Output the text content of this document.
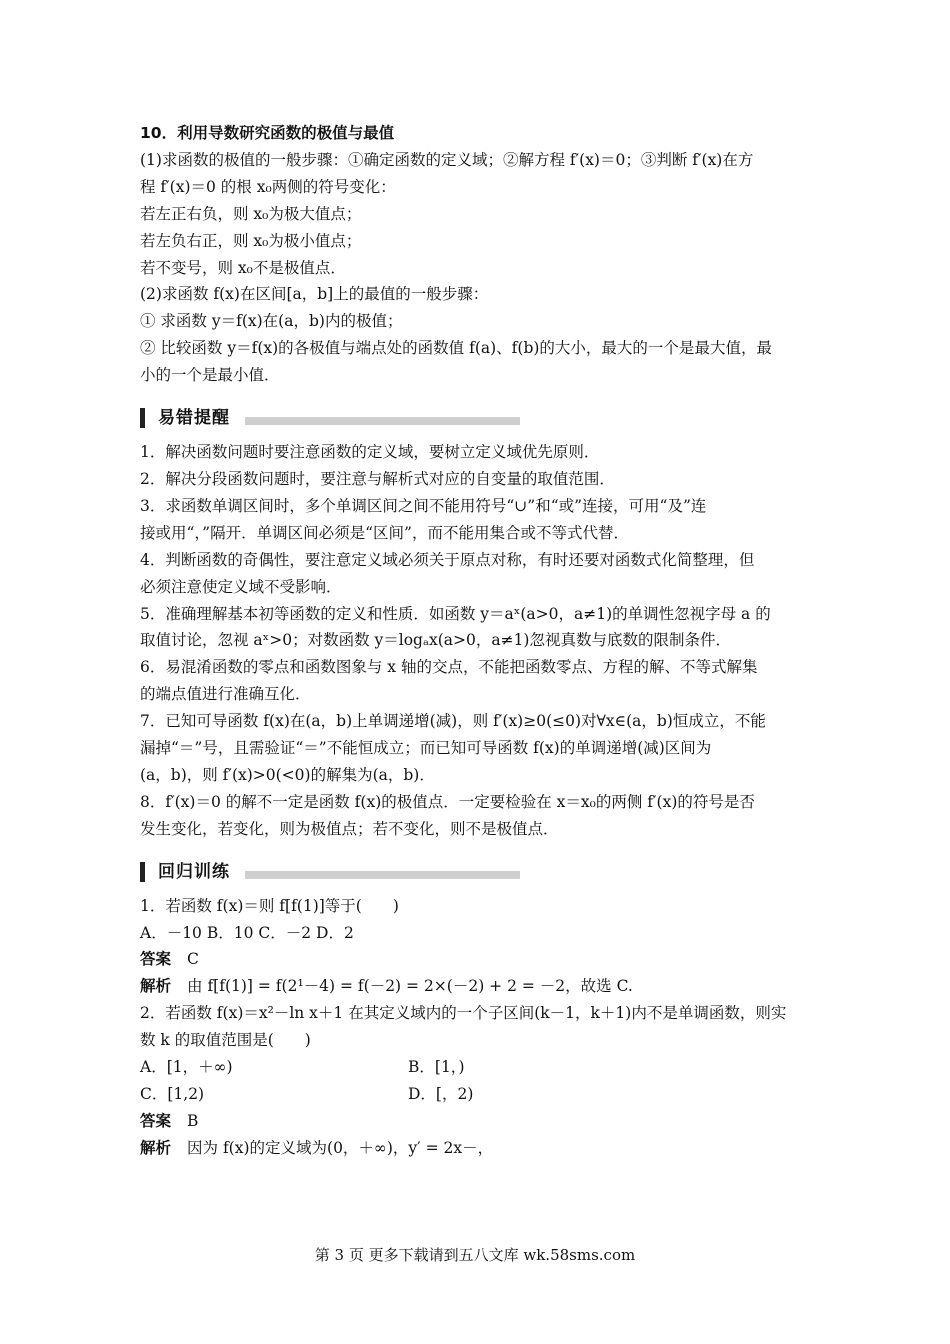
10．利用导数研究函数的极值与最值

(1)求函数的极值的一般步骤：①确定函数的定义域；②解方程 f′(x)＝0；③判断 f′(x)在方

程 f′(x)＝0 的根 x₀两侧的符号变化：

若左正右负，则 x₀为极大值点；

若左负右正，则 x₀为极小值点；

若不变号，则 x₀不是极值点．

(2)求函数 f(x)在区间[a，b]上的最值的一般步骤：

① 求函数 y＝f(x)在(a，b)内的极值；

② 比较函数 y＝f(x)的各极值与端点处的函数值 f(a)、f(b)的大小，最大的一个是最大值，最

小的一个是最小值．

易错提醒

1．解决函数问题时要注意函数的定义域，要树立定义域优先原则．

2．解决分段函数问题时，要注意与解析式对应的自变量的取值范围．

3．求函数单调区间时，多个单调区间之间不能用符号“∪”和“或”连接，可用“及”连

接或用“，”隔开．单调区间必须是“区间”，而不能用集合或不等式代替．

4．判断函数的奇偶性，要注意定义域必须关于原点对称，有时还要对函数式化简整理，但

必须注意使定义域不受影响．

5．准确理解基本初等函数的定义和性质．如函数 y＝aˣ(a>0，a≠1)的单调性忽视字母 a 的

取值讨论，忽视 aˣ>0；对数函数 y＝logₐx(a>0，a≠1)忽视真数与底数的限制条件．

6．易混淆函数的零点和函数图象与 x 轴的交点，不能把函数零点、方程的解、不等式解集

的端点值进行准确互化．

7．已知可导函数 f(x)在(a，b)上单调递增(减)，则 f′(x)≥0(≤0)对∀x∈(a，b)恒成立，不能

漏掉“＝”号，且需验证“＝”不能恒成立；而已知可导函数 f(x)的单调递增(减)区间为

(a，b)，则 f′(x)>0(<0)的解集为(a，b)．

8．f′(x)＝0 的解不一定是函数 f(x)的极值点．一定要检验在 x＝x₀的两侧 f′(x)的符号是否

发生变化，若变化，则为极值点；若不变化，则不是极值点．

回归训练

1．若函数 f(x)＝则 f[f(1)]等于(　　)

A．－10 B．10 C．－2 D．2

答案 C

解析 由 f[f(1)] = f(2¹－4) = f(－2) = 2×(－2) + 2 = －2，故选 C.

2．若函数 f(x)＝x²－ln x＋1 在其定义域内的一个子区间(k－1，k＋1)内不是单调函数，则实

数 k 的取值范围是(　　)

A．[1，＋∞)	B．[1，)
C．[1,2)	D．[，2)

答案 B

解析 因为 f(x)的定义域为(0，＋∞)，y′ = 2x－，

第 3 页 更多下载请到五八文库 wk.58sms.com
